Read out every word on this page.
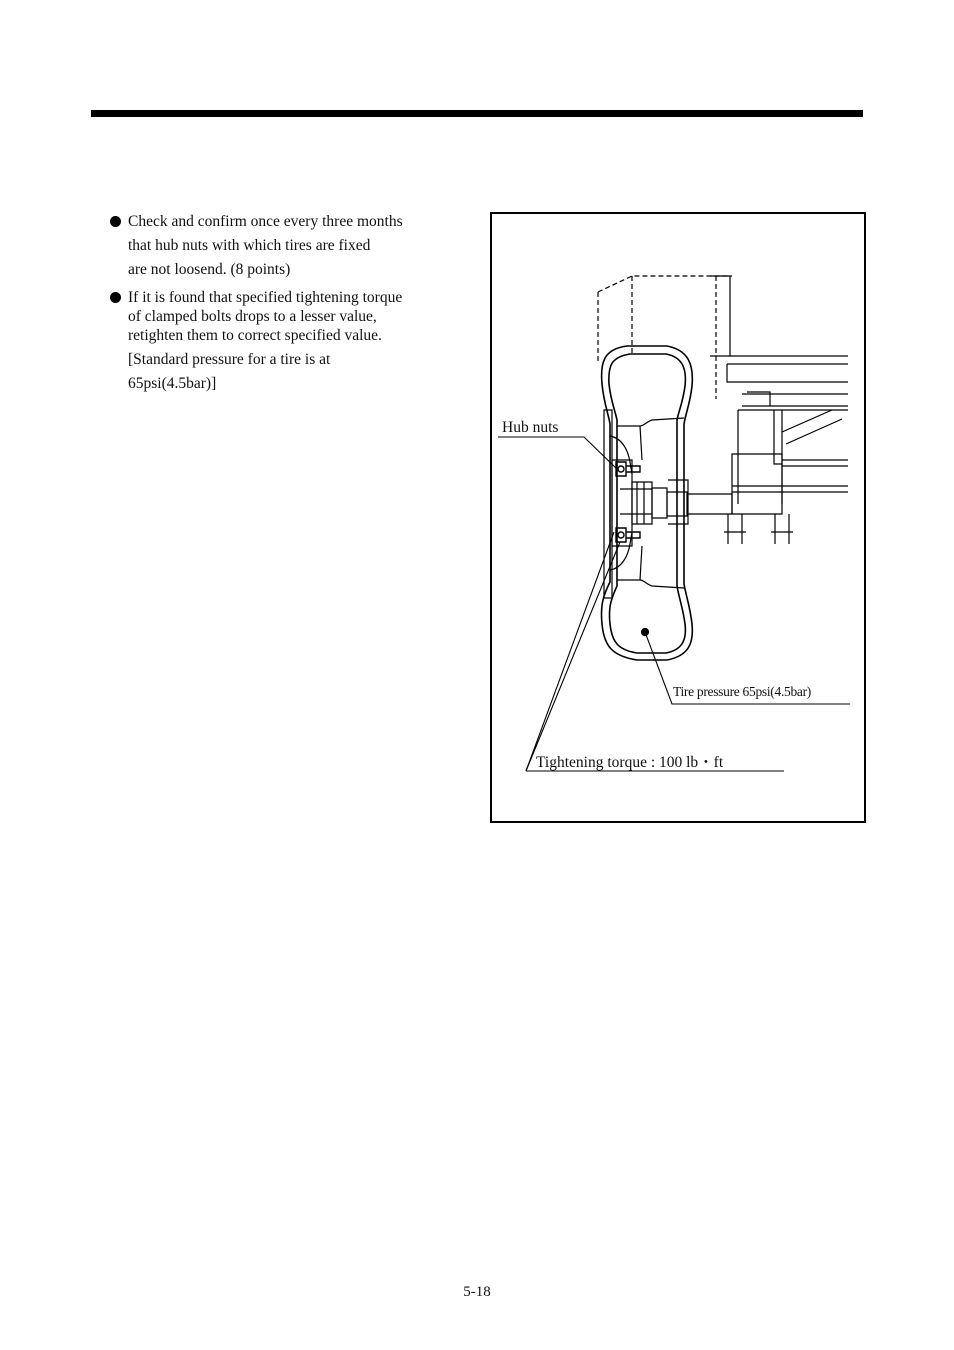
Check and confirm once every three months
that hub nuts with which tires are fixed
are not loosend. (8 points)
If it is found that specified tightening torque
of clamped bolts drops to a lesser value,
retighten them to correct specified value.
[Standard pressure for a tire is at
65psi(4.5bar)]
Hub nuts
Tire pressure 65psi(4.5bar)
Tightening torque : 100 lb・ft
5-18
